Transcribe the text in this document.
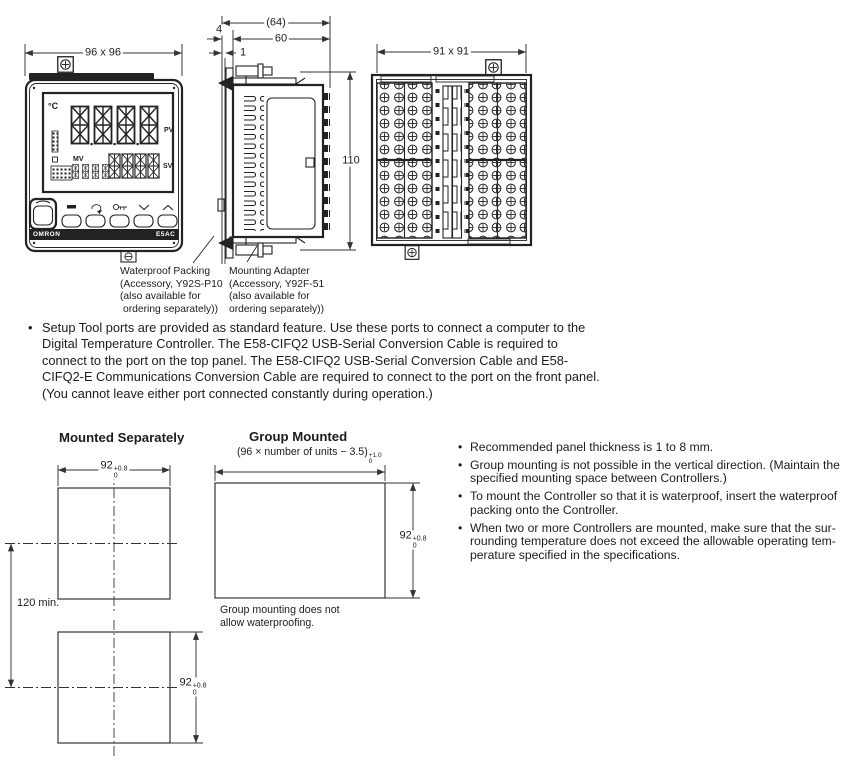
96 x 96
(64)
60
4
1
110
91 x 91
°C
PV
SV
MV
OMRON	E5AC
Waterproof Packing
(Accessory, Y92S-P10
(also available for
ordering separately))
Mounting Adapter
(Accessory, Y92F-51
(also available for
ordering separately))
• Setup Tool ports are provided as standard feature. Use these ports to connect a computer to the
Digital Temperature Controller. The E58-CIFQ2 USB-Serial Conversion Cable is required to
connect to the port on the top panel. The E58-CIFQ2 USB-Serial Conversion Cable and E58-
CIFQ2-E Communications Conversion Cable are required to connect to the port on the front panel.
(You cannot leave either port connected constantly during operation.)
Mounted Separately	Group Mounted
(96 × number of units − 3.5) +1.0
0
92 +0.8
0
92 +0.8
0
92 +0.8
0
120 min.
Group mounting does not
allow waterproofing.
• Recommended panel thickness is 1 to 8 mm.
• Group mounting is not possible in the vertical direction. (Maintain the
specified mounting space between Controllers.)
• To mount the Controller so that it is waterproof, insert the waterproof
packing onto the Controller.
• When two or more Controllers are mounted, make sure that the sur-
rounding temperature does not exceed the allowable operating tem-
perature specified in the specifications.
